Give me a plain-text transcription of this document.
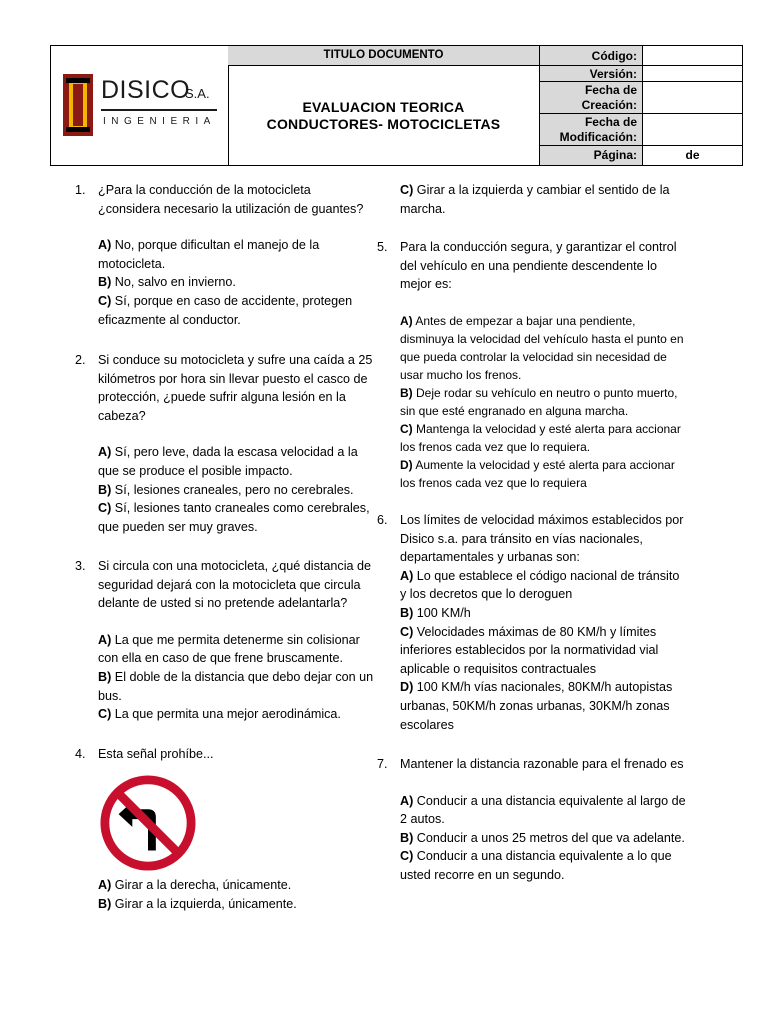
DISICO
S.A.
INGENIERIA
TITULO DOCUMENTO
EVALUACION TEORICA
CONDUCTORES- MOTOCICLETAS
Código:
Versión:
Fecha de
Creación:
Fecha de
Modificación:
Página:	de
1. ¿Para la conducción de la motocicleta ¿considera necesario la utilización de guantes?

A) No, porque dificultan el manejo de la motocicleta.

B) No, salvo en invierno.

C) Sí, porque en caso de accidente, protegen eficazmente al conductor.

2. Si conduce su motocicleta y sufre una caída a 25 kilómetros por hora sin llevar puesto el casco de protección, ¿puede sufrir alguna lesión en la cabeza?

A) Sí, pero leve, dada la escasa velocidad a la que se produce el posible impacto.

B) Sí, lesiones craneales, pero no cerebrales.

C) Sí, lesiones tanto craneales como cerebrales, que pueden ser muy graves.

3. Si circula con una motocicleta, ¿qué distancia de seguridad dejará con la motocicleta que circula delante de usted si no pretende adelantarla?

A) La que me permita detenerme sin colisionar con ella en caso de que frene bruscamente.

B) El doble de la distancia que debo dejar con un bus.

C) La que permita una mejor aerodinámica.

4. Esta señal prohíbe...

A) Girar a la derecha, únicamente.

B) Girar a la izquierda, únicamente.

C) Girar a la izquierda y cambiar el sentido de la marcha.

5. Para la conducción segura, y garantizar el control del vehículo en una pendiente descendente lo mejor es:

A) Antes de empezar a bajar una pendiente, disminuya la velocidad del vehículo hasta el punto en que pueda controlar la velocidad sin necesidad de usar mucho los frenos.

B) Deje rodar su vehículo en neutro o punto muerto, sin que esté engranado en alguna marcha.

C) Mantenga la velocidad y esté alerta para accionar los frenos cada vez que lo requiera.

D) Aumente la velocidad y esté alerta para accionar los frenos cada vez que lo requiera

6. Los límites de velocidad máximos establecidos por Disico s.a. para tránsito en vías nacionales, departamentales y urbanas son:

A) Lo que establece el código nacional de tránsito y los decretos que lo deroguen

B) 100 KM/h

C) Velocidades máximas de 80 KM/h y límites inferiores establecidos por la normatividad vial aplicable o requisitos contractuales

D) 100 KM/h vías nacionales, 80KM/h autopistas urbanas, 50KM/h zonas urbanas, 30KM/h zonas escolares

7. Mantener la distancia razonable para el frenado es

A) Conducir a una distancia equivalente al largo de 2 autos.

B) Conducir a unos 25 metros del que va adelante.

C) Conducir a una distancia equivalente a lo que usted recorre en un segundo.
